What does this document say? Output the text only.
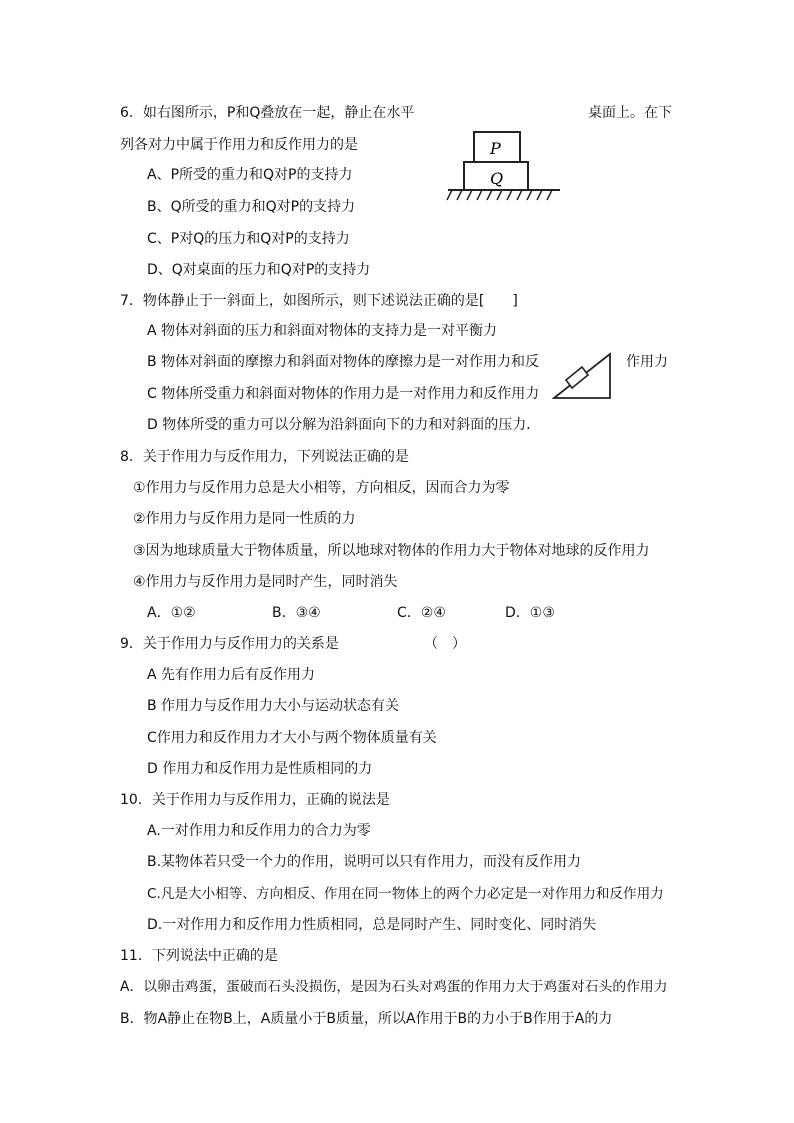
6．如右图所示，P和Q叠放在一起，静止在水平	桌面上。在下
列各对力中属于作用力和反作用力的是
A、P所受的重力和Q对P的支持力
B、Q所受的重力和Q对P的支持力
C、P对Q的压力和Q对P的支持力
D、Q对桌面的压力和Q对P的支持力
P
Q
7．物体静止于一斜面上，如图所示，则下述说法正确的是[　　]
A 物体对斜面的压力和斜面对物体的支持力是一对平衡力
B 物体对斜面的摩擦力和斜面对物体的摩擦力是一对作用力和反	作用力
C 物体所受重力和斜面对物体的作用力是一对作用力和反作用力
D 物体所受的重力可以分解为沿斜面向下的力和对斜面的压力．
8．关于作用力与反作用力，下列说法正确的是
①作用力与反作用力总是大小相等，方向相反，因而合力为零
②作用力与反作用力是同一性质的力
③因为地球质量大于物体质量，所以地球对物体的作用力大于物体对地球的反作用力
④作用力与反作用力是同时产生，同时消失
A．①②	B．③④	C．②④	D．①③
9．关于作用力与反作用力的关系是	（　）
A 先有作用力后有反作用力
B 作用力与反作用力大小与运动状态有关
C作用力和反作用力才大小与两个物体质量有关
D 作用力和反作用力是性质相同的力
10．关于作用力与反作用力，正确的说法是
A.一对作用力和反作用力的合力为零
B.某物体若只受一个力的作用，说明可以只有作用力，而没有反作用力
C.凡是大小相等、方向相反、作用在同一物体上的两个力必定是一对作用力和反作用力
D.一对作用力和反作用力性质相同，总是同时产生、同时变化、同时消失
11．下列说法中正确的是
A．以卵击鸡蛋，蛋破而石头没损伤，是因为石头对鸡蛋的作用力大于鸡蛋对石头的作用力
B．物A静止在物B上，A质量小于B质量，所以A作用于B的力小于B作用于A的力
